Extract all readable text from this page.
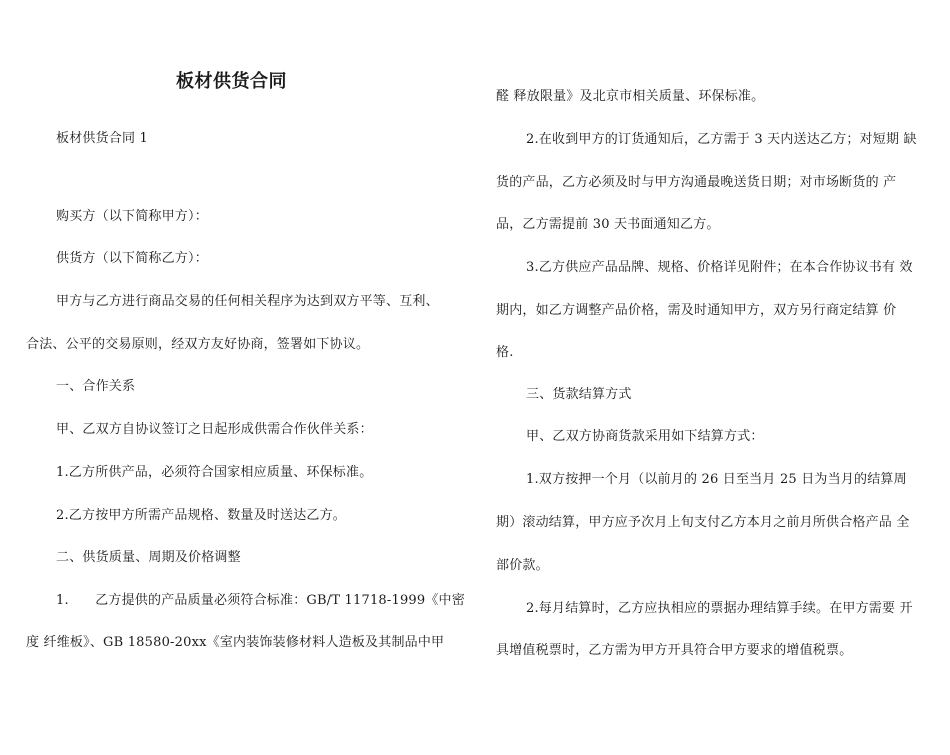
板材供货合同
板材供货合同 1
购买方（以下简称甲方）：
供货方（以下简称乙方）：
甲方与乙方进行商品交易的任何相关程序为达到双方平等、互利、
合法、公平的交易原则，经双方友好协商，签署如下协议。
一、合作关系
甲、乙双方自协议签订之日起形成供需合作伙伴关系：
1.乙方所供产品，必须符合国家相应质量、环保标准。
2.乙方按甲方所需产品规格、数量及时送达乙方。
二、供货质量、周期及价格调整
1.　　乙方提供的产品质量必须符合标准：GB/T 11718-1999《中密
度 纤维板》、GB 18580-20xx《室内装饰装修材料人造板及其制品中甲
醛 释放限量》及北京市相关质量、环保标准。
2.在收到甲方的订货通知后，乙方需于 3 天内送达乙方；对短期 缺
货的产品，乙方必须及时与甲方沟通最晚送货日期；对市场断货的 产
品，乙方需提前 30 天书面通知乙方。
3.乙方供应产品品牌、规格、价格详见附件；在本合作协议书有 效
期内，如乙方调整产品价格，需及时通知甲方，双方另行商定结算 价
格.
三、货款结算方式
甲、乙双方协商货款采用如下结算方式：
1.双方按押一个月（以前月的 26 日至当月 25 日为当月的结算周
期）滚动结算，甲方应予次月上旬支付乙方本月之前月所供合格产品 全
部价款。
2.每月结算时，乙方应执相应的票据办理结算手续。在甲方需要 开
具增值税票时，乙方需为甲方开具符合甲方要求的增值税票。
